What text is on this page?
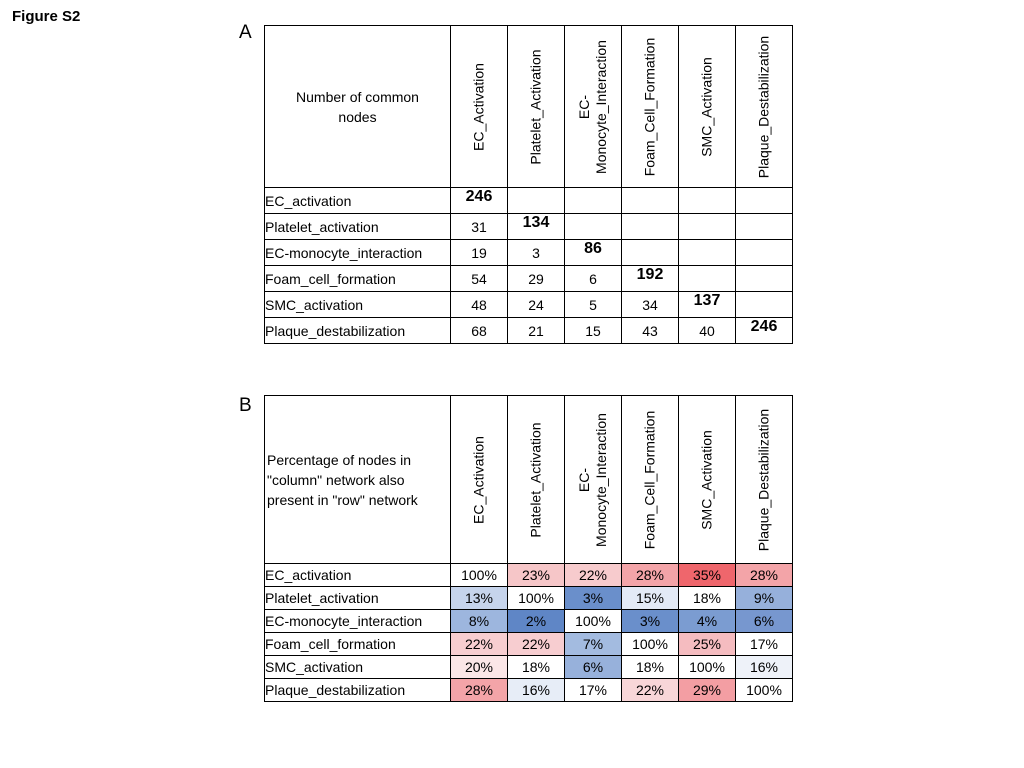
Figure S2
A
B
Number of common
nodes	EC_Activation	Platelet_Activation	EC-
Monocyte_Interaction	Foam_Cell_Formation	SMC_Activation	Plaque_Destabilization

EC_activation	246					
Platelet_activation	31	134				
EC-monocyte_interaction	19	3	86			
Foam_cell_formation	54	29	6	192		
SMC_activation	48	24	5	34	137	
Plaque_destabilization	68	21	15	43	40	246
Percentage of nodes in
"column" network also
present in "row" network	EC_Activation	Platelet_Activation	EC-
Monocyte_Interaction	Foam_Cell_Formation	SMC_Activation	Plaque_Destabilization

EC_activation	100%	23%	22%	28%	35%	28%
Platelet_activation	13%	100%	3%	15%	18%	9%
EC-monocyte_interaction	8%	2%	100%	3%	4%	6%
Foam_cell_formation	22%	22%	7%	100%	25%	17%
SMC_activation	20%	18%	6%	18%	100%	16%
Plaque_destabilization	28%	16%	17%	22%	29%	100%
